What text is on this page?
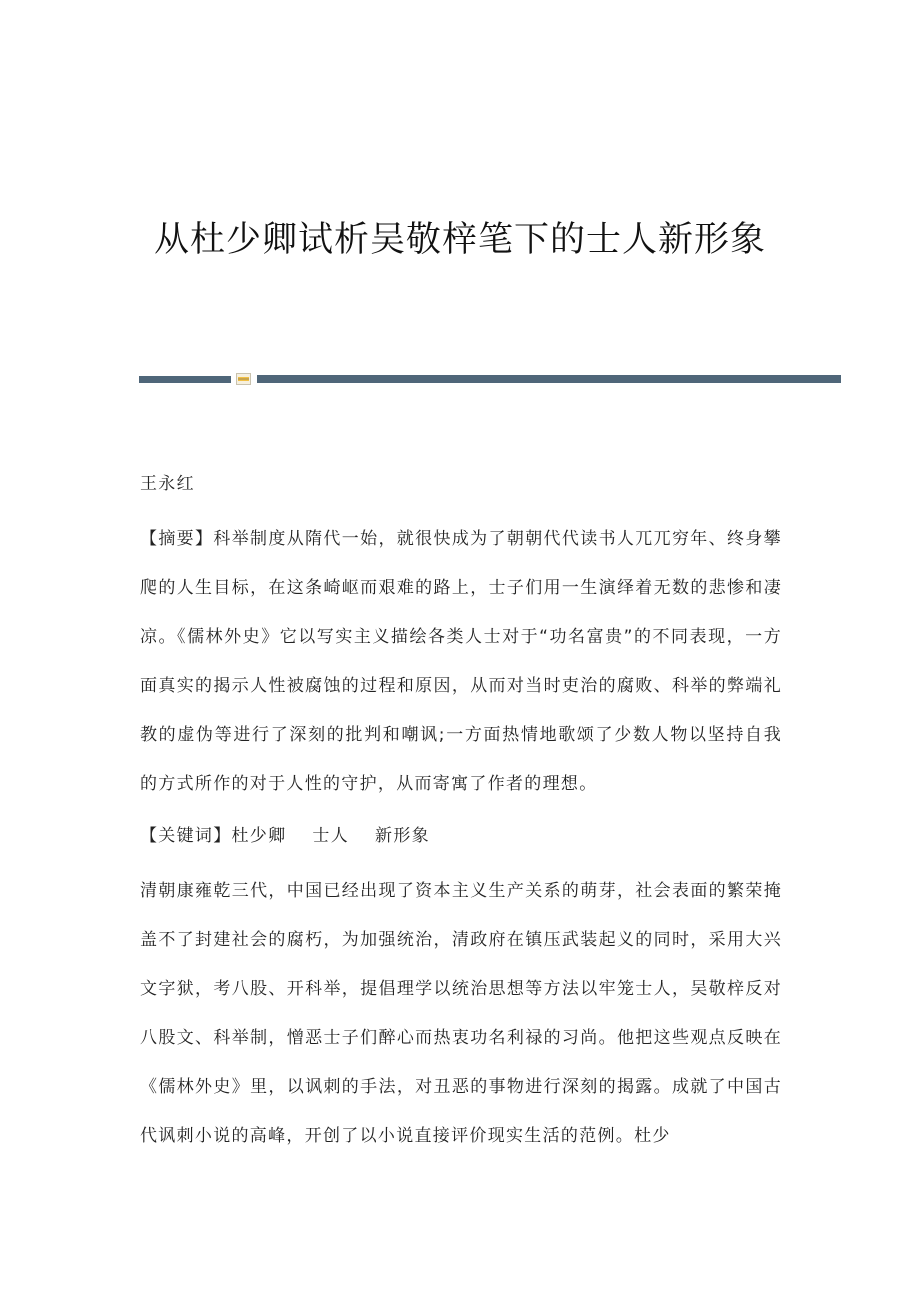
从杜少卿试析吴敬梓笔下的士人新形象
王永红
【摘要】科举制度从隋代一始，就很快成为了朝朝代代读书人兀兀穷年、终身攀爬的人生目标，在这条崎岖而艰难的路上，士子们用一生演绎着无数的悲惨和凄凉。《儒林外史》它以写实主义描绘各类人士对于“功名富贵”的不同表现，一方面真实的揭示人性被腐蚀的过程和原因，从而对当时吏治的腐败、科举的弊端礼教的虚伪等进行了深刻的批判和嘲讽;一方面热情地歌颂了少数人物以坚持自我的方式所作的对于人性的守护，从而寄寓了作者的理想。
【关键词】杜少卿 士人 新形象
清朝康雍乾三代，中国已经出现了资本主义生产关系的萌芽，社会表面的繁荣掩盖不了封建社会的腐朽，为加强统治，清政府在镇压武装起义的同时，采用大兴文字狱，考八股、开科举，提倡理学以统治思想等方法以牢笼士人，吴敬梓反对八股文、科举制，憎恶士子们醉心而热衷功名利禄的习尚。他把这些观点反映在《儒林外史》里，以讽刺的手法，对丑恶的事物进行深刻的揭露。成就了中国古代讽刺小说的高峰，开创了以小说直接评价现实生活的范例。杜少
